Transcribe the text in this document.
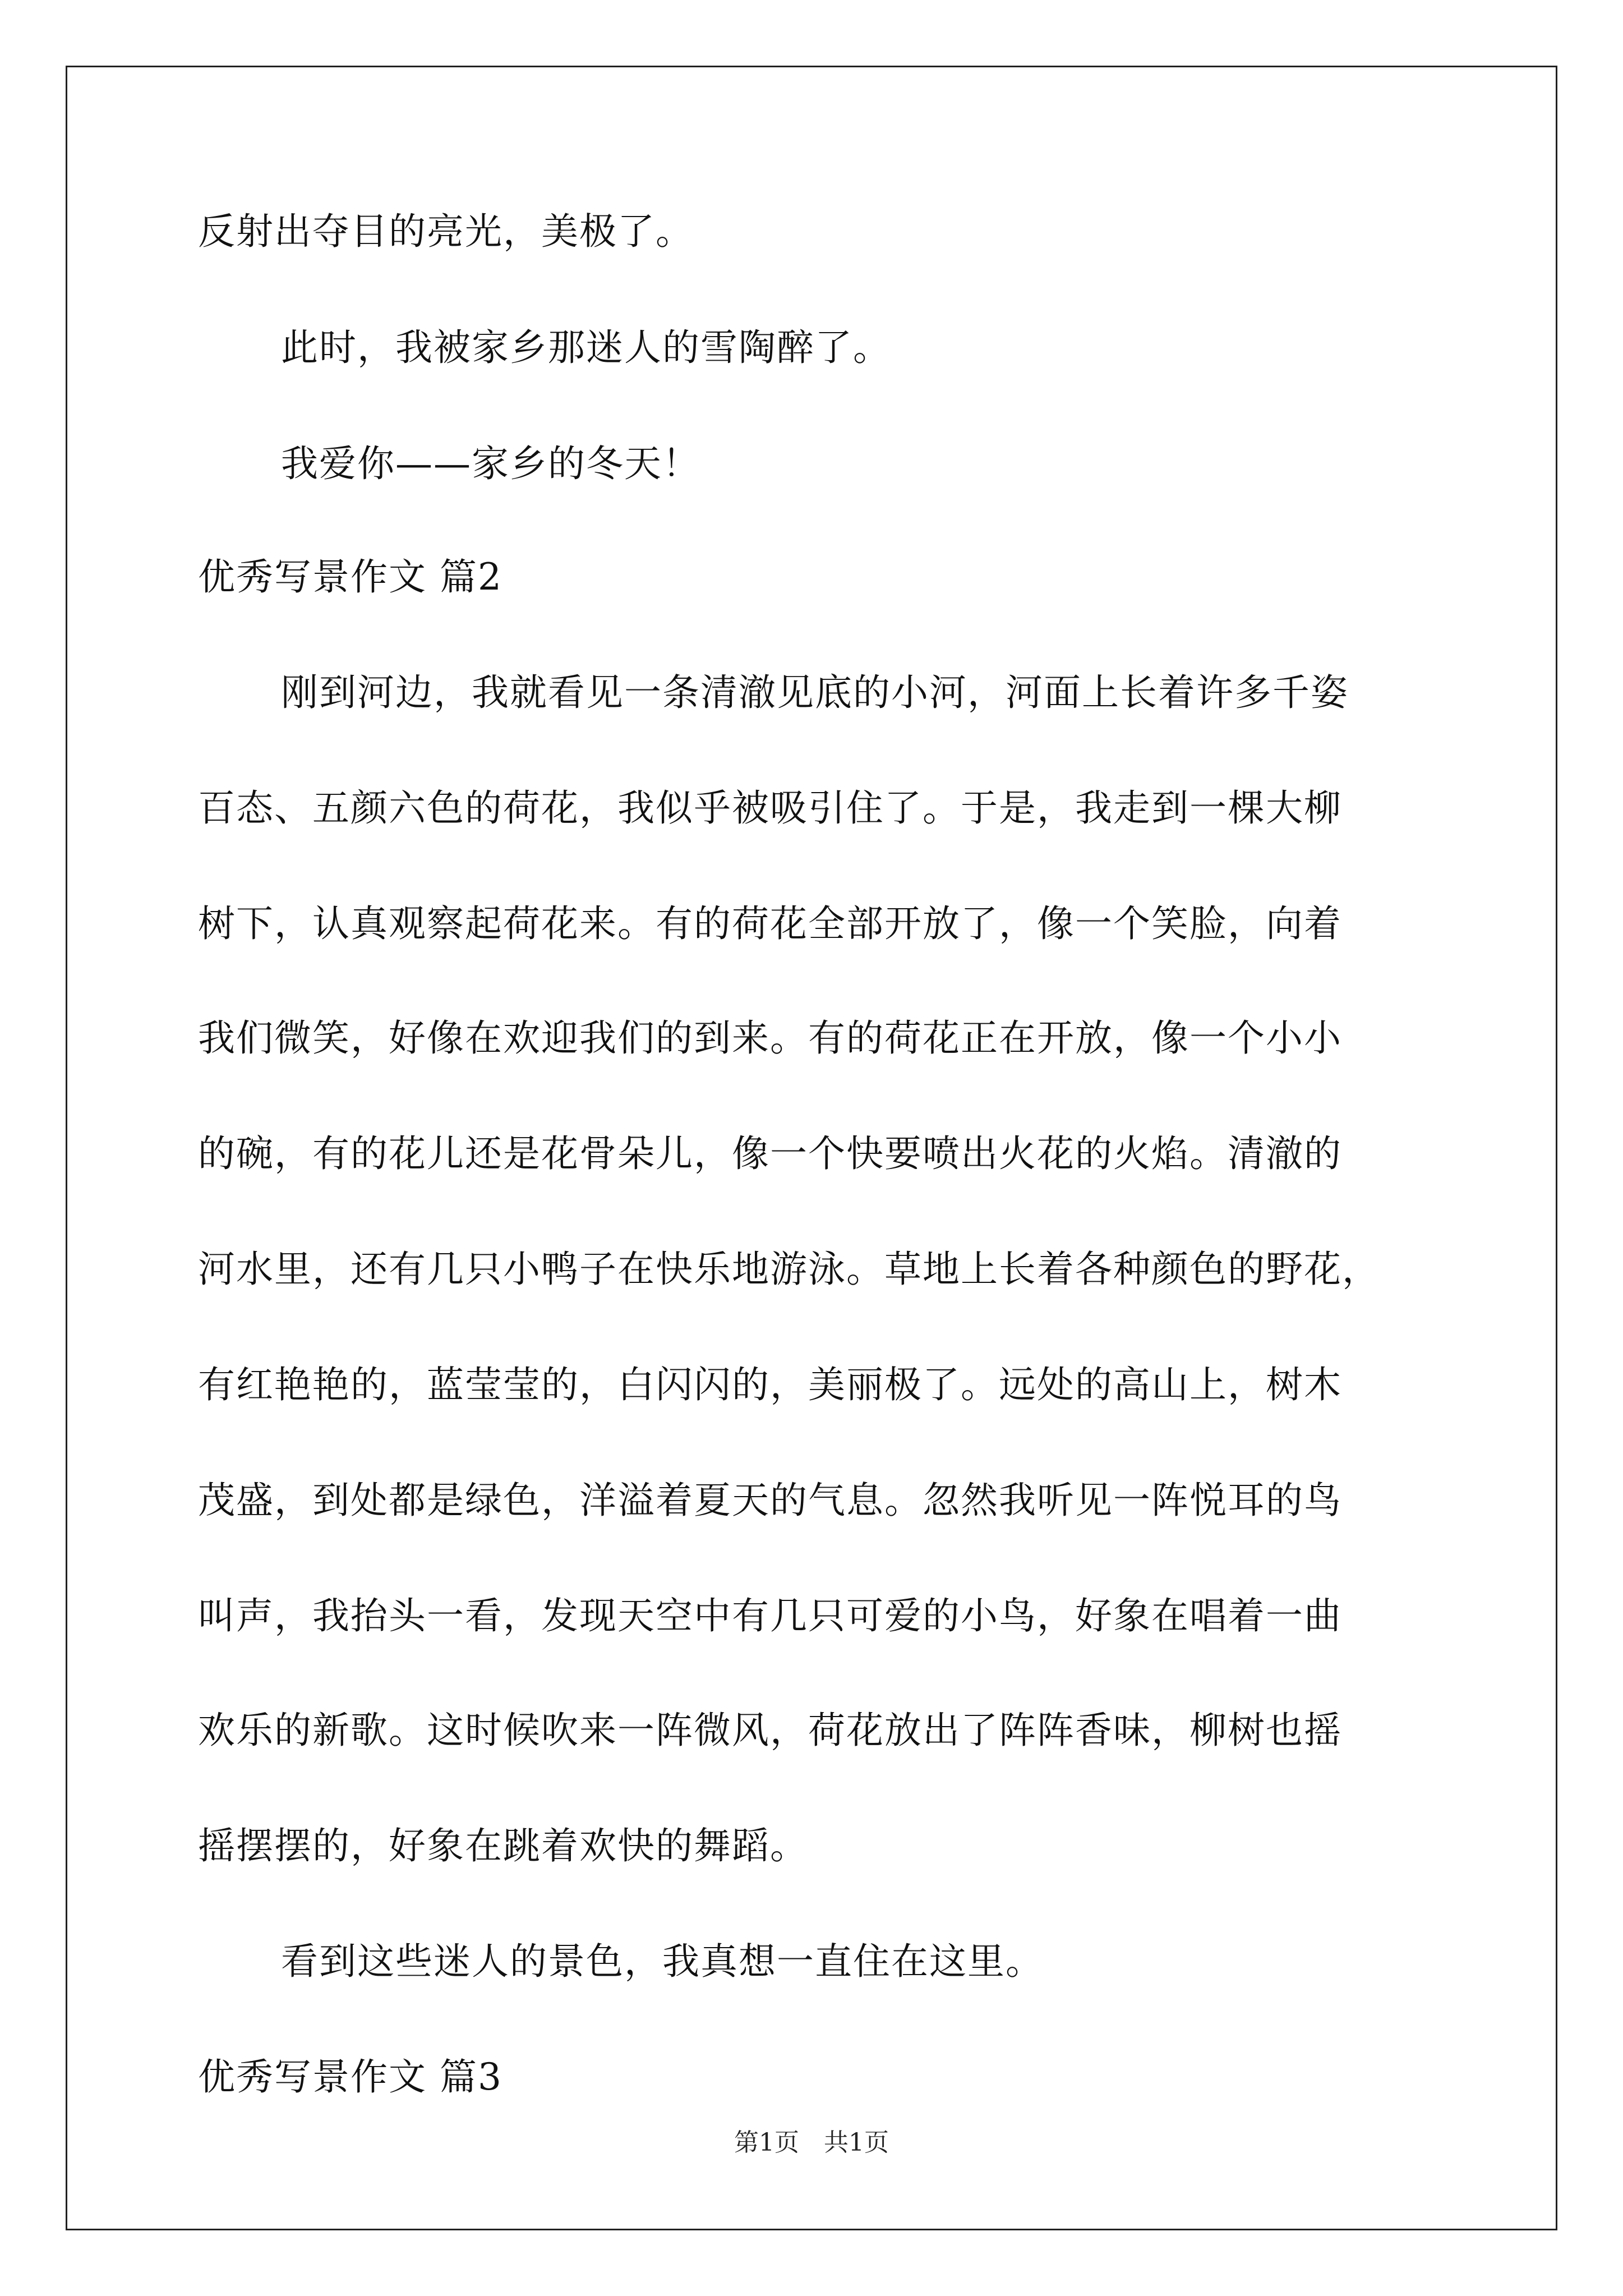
反射出夺目的亮光，美极了。
此时，我被家乡那迷人的雪陶醉了。
我爱你——家乡的冬天！
优秀写景作文 篇2
刚到河边，我就看见一条清澈见底的小河，河面上长着许多千姿
百态、五颜六色的荷花，我似乎被吸引住了。于是，我走到一棵大柳
树下，认真观察起荷花来。有的荷花全部开放了，像一个笑脸，向着
我们微笑，好像在欢迎我们的到来。有的荷花正在开放，像一个小小
的碗，有的花儿还是花骨朵儿，像一个快要喷出火花的火焰。清澈的
河水里，还有几只小鸭子在快乐地游泳。草地上长着各种颜色的野花，
有红艳艳的，蓝莹莹的，白闪闪的，美丽极了。远处的高山上，树木
茂盛，到处都是绿色，洋溢着夏天的气息。忽然我听见一阵悦耳的鸟
叫声，我抬头一看，发现天空中有几只可爱的小鸟，好象在唱着一曲
欢乐的新歌。这时候吹来一阵微风，荷花放出了阵阵香味，柳树也摇
摇摆摆的，好象在跳着欢快的舞蹈。
看到这些迷人的景色，我真想一直住在这里。
优秀写景作文 篇3
第1页　共1页
